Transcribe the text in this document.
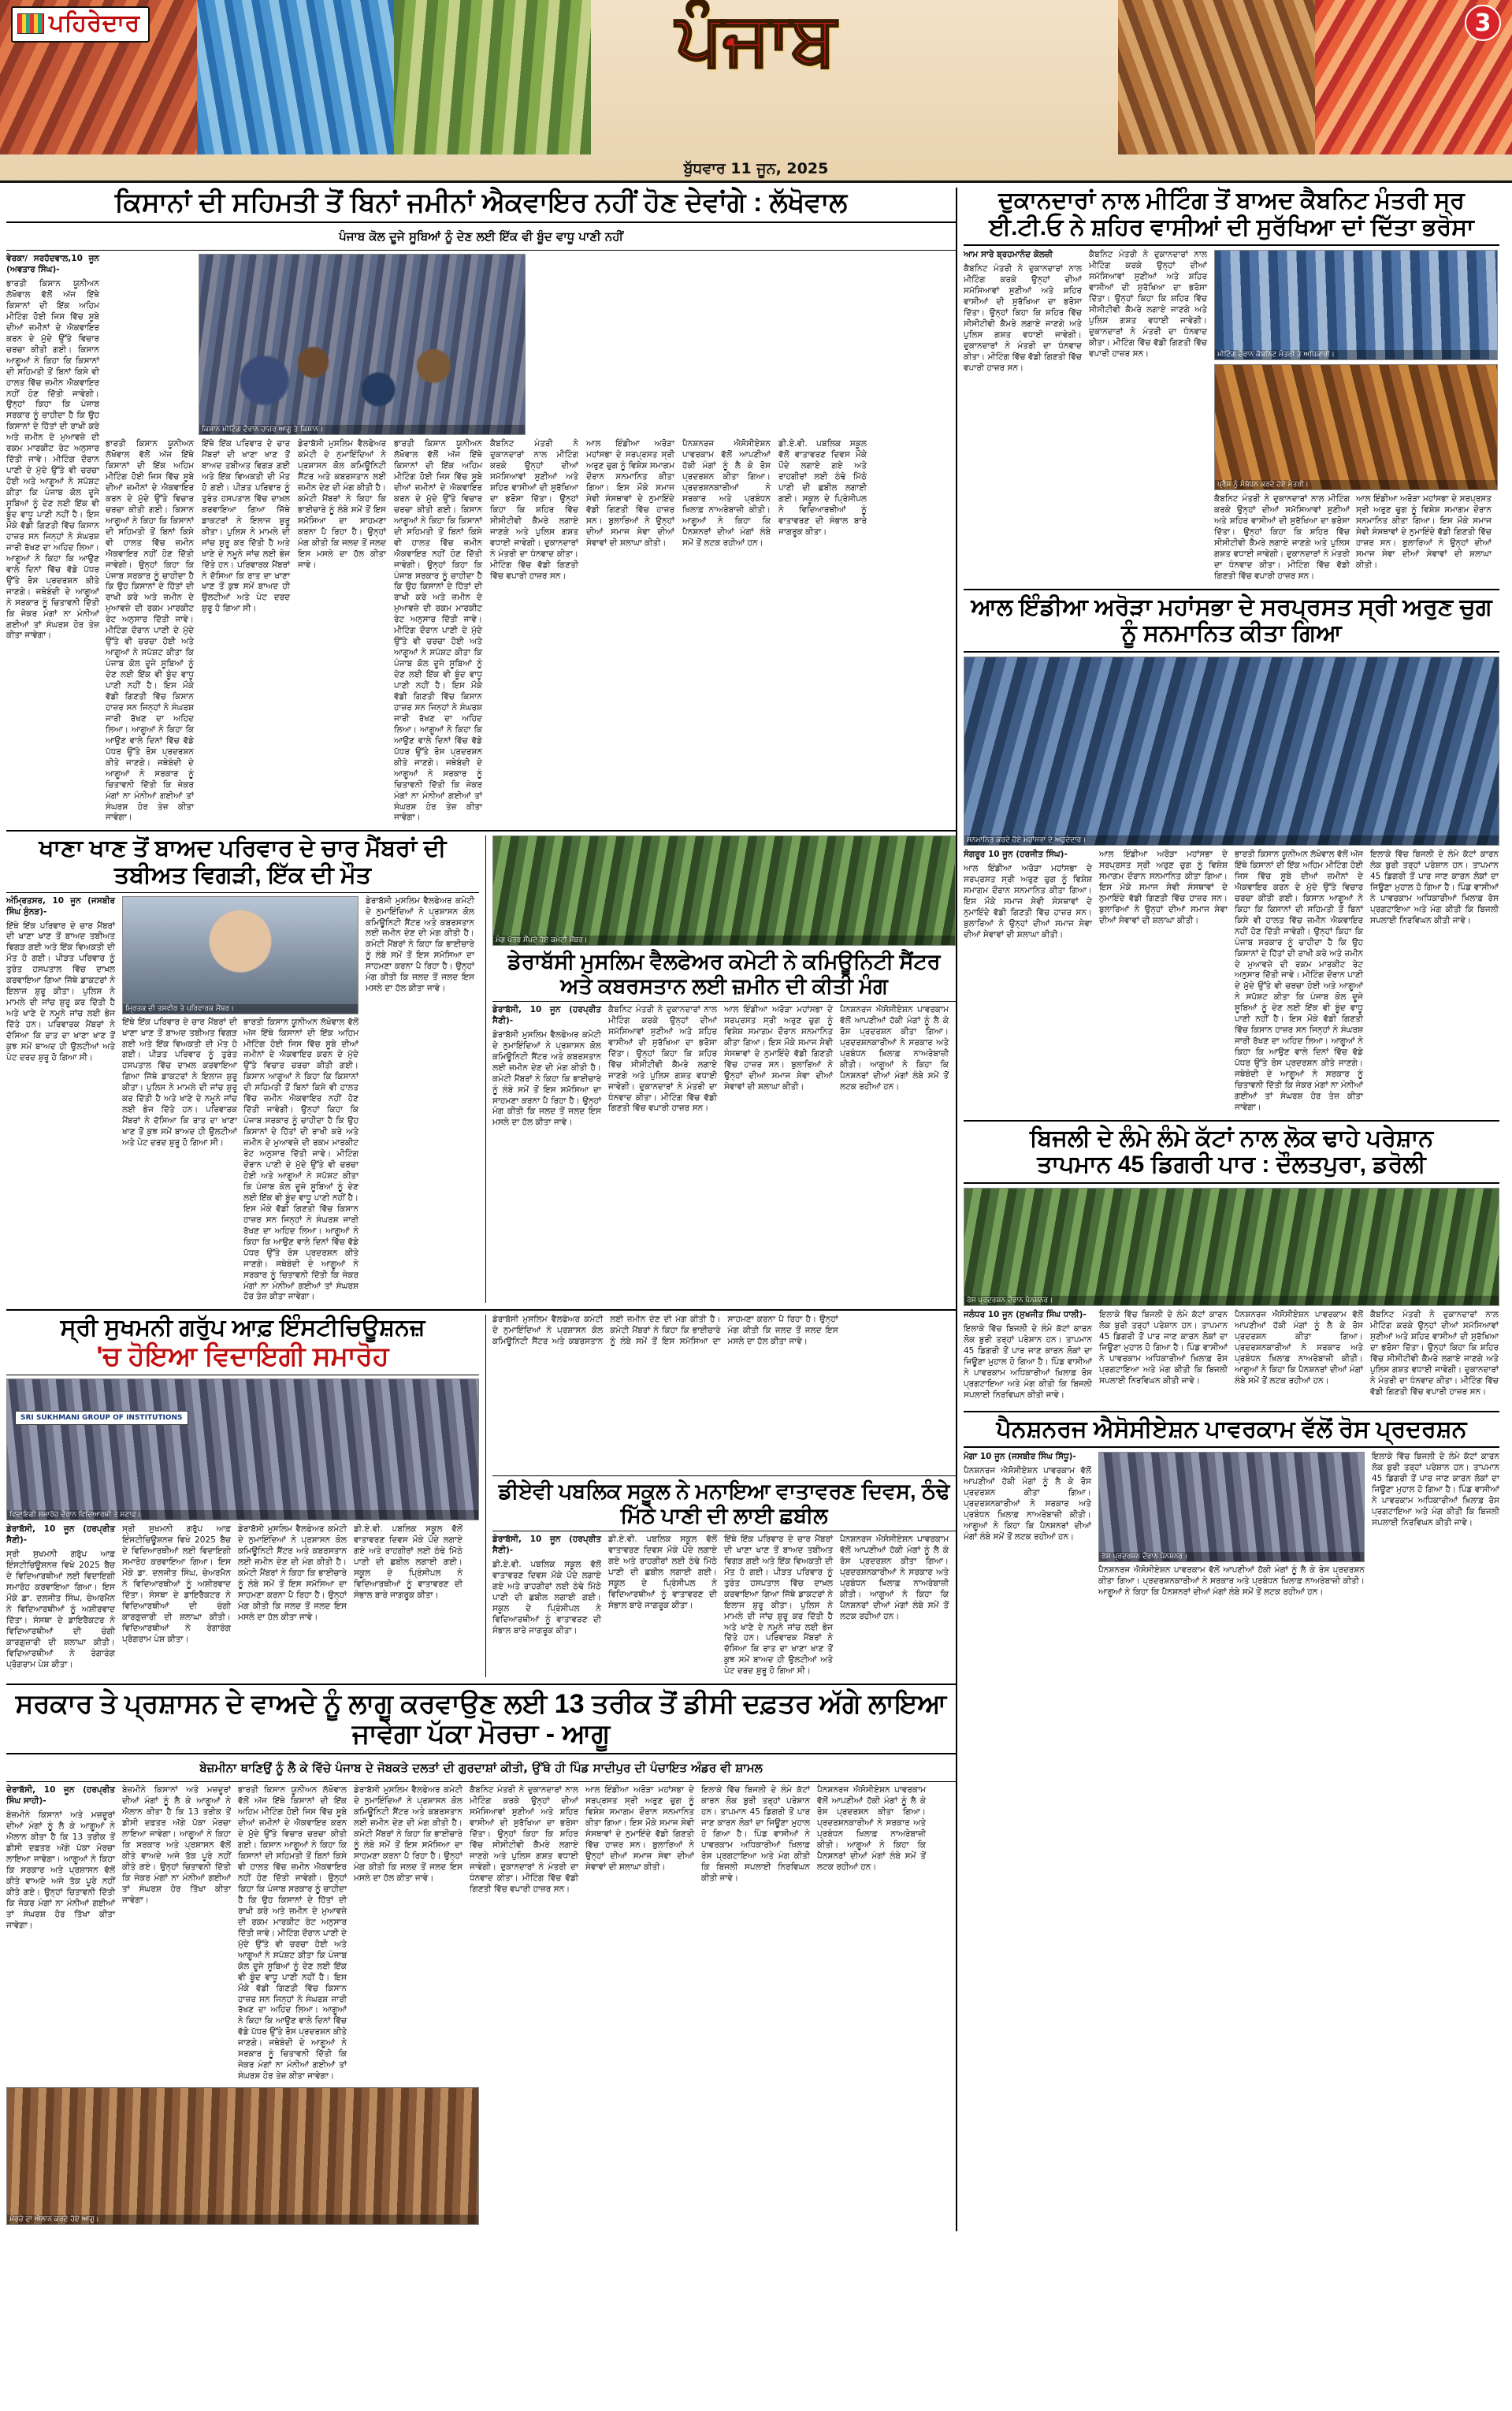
ਪਹਿਰੇਦਾਰ	ਪੰਜਾਬ
ਬੁੱਧਵਾਰ 11 ਜੂਨ, 2025
3
ਕਿਸਾਨਾਂ ਦੀ ਸਹਿਮਤੀ ਤੋਂ ਬਿਨਾਂ ਜਮੀਨਾਂ ਐਕਵਾਇਰ ਨਹੀਂ ਹੋਣ ਦੇਵਾਂਗੇ : ਲੱਖੋਵਾਲ
ਪੰਜਾਬ ਕੋਲ ਦੂਜੇ ਸੂਬਿਆਂ ਨੂੰ ਦੇਣ ਲਈ ਇੱਕ ਵੀ ਬੂੰਦ ਵਾਧੂ ਪਾਣੀ ਨਹੀਂ

ਵੇਰਕਾ/ ਸਰਹੱਦਵਾਲ,10 ਜੂਨ (ਅਵਤਾਰ ਸਿੰਘ)-

ਭਾਰਤੀ ਕਿਸਾਨ ਯੂਨੀਅਨ ਲੱਖੋਵਾਲ ਵੱਲੋਂ ਅੱਜ ਇੱਥੇ ਕਿਸਾਨਾਂ ਦੀ ਇੱਕ ਅਹਿਮ ਮੀਟਿੰਗ ਹੋਈ ਜਿਸ ਵਿੱਚ ਸੂਬੇ ਦੀਆਂ ਜ਼ਮੀਨਾਂ ਦੇ ਐਕਵਾਇਰ ਕਰਨ ਦੇ ਮੁੱਦੇ ਉੱਤੇ ਵਿਚਾਰ ਚਰਚਾ ਕੀਤੀ ਗਈ। ਕਿਸਾਨ ਆਗੂਆਂ ਨੇ ਕਿਹਾ ਕਿ ਕਿਸਾਨਾਂ ਦੀ ਸਹਿਮਤੀ ਤੋਂ ਬਿਨਾਂ ਕਿਸੇ ਵੀ ਹਾਲਤ ਵਿੱਚ ਜ਼ਮੀਨ ਐਕਵਾਇਰ ਨਹੀਂ ਹੋਣ ਦਿੱਤੀ ਜਾਵੇਗੀ। ਉਨ੍ਹਾਂ ਕਿਹਾ ਕਿ ਪੰਜਾਬ ਸਰਕਾਰ ਨੂੰ ਚਾਹੀਦਾ ਹੈ ਕਿ ਉਹ ਕਿਸਾਨਾਂ ਦੇ ਹਿੱਤਾਂ ਦੀ ਰਾਖੀ ਕਰੇ ਅਤੇ ਜ਼ਮੀਨ ਦੇ ਮੁਆਵਜ਼ੇ ਦੀ ਰਕਮ ਮਾਰਕੀਟ ਰੇਟ ਅਨੁਸਾਰ ਦਿੱਤੀ ਜਾਵੇ। ਮੀਟਿੰਗ ਦੌਰਾਨ ਪਾਣੀ ਦੇ ਮੁੱਦੇ ਉੱਤੇ ਵੀ ਚਰਚਾ ਹੋਈ ਅਤੇ ਆਗੂਆਂ ਨੇ ਸਪੱਸ਼ਟ ਕੀਤਾ ਕਿ ਪੰਜਾਬ ਕੋਲ ਦੂਜੇ ਸੂਬਿਆਂ ਨੂੰ ਦੇਣ ਲਈ ਇੱਕ ਵੀ ਬੂੰਦ ਵਾਧੂ ਪਾਣੀ ਨਹੀਂ ਹੈ। ਇਸ ਮੌਕੇ ਵੱਡੀ ਗਿਣਤੀ ਵਿੱਚ ਕਿਸਾਨ ਹਾਜ਼ਰ ਸਨ ਜਿਨ੍ਹਾਂ ਨੇ ਸੰਘਰਸ਼ ਜਾਰੀ ਰੱਖਣ ਦਾ ਅਹਿਦ ਲਿਆ। ਆਗੂਆਂ ਨੇ ਕਿਹਾ ਕਿ ਆਉਣ ਵਾਲੇ ਦਿਨਾਂ ਵਿੱਚ ਵੱਡੇ ਪੱਧਰ ਉੱਤੇ ਰੋਸ ਪ੍ਰਦਰਸ਼ਨ ਕੀਤੇ ਜਾਣਗੇ। ਜਥੇਬੰਦੀ ਦੇ ਆਗੂਆਂ ਨੇ ਸਰਕਾਰ ਨੂੰ ਚਿਤਾਵਨੀ ਦਿੱਤੀ ਕਿ ਜੇਕਰ ਮੰਗਾਂ ਨਾ ਮੰਨੀਆਂ ਗਈਆਂ ਤਾਂ ਸੰਘਰਸ਼ ਹੋਰ ਤੇਜ਼ ਕੀਤਾ ਜਾਵੇਗਾ।

ਕਿਸਾਨ ਮੀਟਿੰਗ ਦੌਰਾਨ ਹਾਜ਼ਰ ਆਗੂ ਤੇ ਕਿਸਾਨ।
ਭਾਰਤੀ ਕਿਸਾਨ ਯੂਨੀਅਨ ਲੱਖੋਵਾਲ ਵੱਲੋਂ ਅੱਜ ਇੱਥੇ ਕਿਸਾਨਾਂ ਦੀ ਇੱਕ ਅਹਿਮ ਮੀਟਿੰਗ ਹੋਈ ਜਿਸ ਵਿੱਚ ਸੂਬੇ ਦੀਆਂ ਜ਼ਮੀਨਾਂ ਦੇ ਐਕਵਾਇਰ ਕਰਨ ਦੇ ਮੁੱਦੇ ਉੱਤੇ ਵਿਚਾਰ ਚਰਚਾ ਕੀਤੀ ਗਈ। ਕਿਸਾਨ ਆਗੂਆਂ ਨੇ ਕਿਹਾ ਕਿ ਕਿਸਾਨਾਂ ਦੀ ਸਹਿਮਤੀ ਤੋਂ ਬਿਨਾਂ ਕਿਸੇ ਵੀ ਹਾਲਤ ਵਿੱਚ ਜ਼ਮੀਨ ਐਕਵਾਇਰ ਨਹੀਂ ਹੋਣ ਦਿੱਤੀ ਜਾਵੇਗੀ। ਉਨ੍ਹਾਂ ਕਿਹਾ ਕਿ ਪੰਜਾਬ ਸਰਕਾਰ ਨੂੰ ਚਾਹੀਦਾ ਹੈ ਕਿ ਉਹ ਕਿਸਾਨਾਂ ਦੇ ਹਿੱਤਾਂ ਦੀ ਰਾਖੀ ਕਰੇ ਅਤੇ ਜ਼ਮੀਨ ਦੇ ਮੁਆਵਜ਼ੇ ਦੀ ਰਕਮ ਮਾਰਕੀਟ ਰੇਟ ਅਨੁਸਾਰ ਦਿੱਤੀ ਜਾਵੇ। ਮੀਟਿੰਗ ਦੌਰਾਨ ਪਾਣੀ ਦੇ ਮੁੱਦੇ ਉੱਤੇ ਵੀ ਚਰਚਾ ਹੋਈ ਅਤੇ ਆਗੂਆਂ ਨੇ ਸਪੱਸ਼ਟ ਕੀਤਾ ਕਿ ਪੰਜਾਬ ਕੋਲ ਦੂਜੇ ਸੂਬਿਆਂ ਨੂੰ ਦੇਣ ਲਈ ਇੱਕ ਵੀ ਬੂੰਦ ਵਾਧੂ ਪਾਣੀ ਨਹੀਂ ਹੈ। ਇਸ ਮੌਕੇ ਵੱਡੀ ਗਿਣਤੀ ਵਿੱਚ ਕਿਸਾਨ ਹਾਜ਼ਰ ਸਨ ਜਿਨ੍ਹਾਂ ਨੇ ਸੰਘਰਸ਼ ਜਾਰੀ ਰੱਖਣ ਦਾ ਅਹਿਦ ਲਿਆ। ਆਗੂਆਂ ਨੇ ਕਿਹਾ ਕਿ ਆਉਣ ਵਾਲੇ ਦਿਨਾਂ ਵਿੱਚ ਵੱਡੇ ਪੱਧਰ ਉੱਤੇ ਰੋਸ ਪ੍ਰਦਰਸ਼ਨ ਕੀਤੇ ਜਾਣਗੇ। ਜਥੇਬੰਦੀ ਦੇ ਆਗੂਆਂ ਨੇ ਸਰਕਾਰ ਨੂੰ ਚਿਤਾਵਨੀ ਦਿੱਤੀ ਕਿ ਜੇਕਰ ਮੰਗਾਂ ਨਾ ਮੰਨੀਆਂ ਗਈਆਂ ਤਾਂ ਸੰਘਰਸ਼ ਹੋਰ ਤੇਜ਼ ਕੀਤਾ ਜਾਵੇਗਾ।
ਇੱਥੇ ਇੱਕ ਪਰਿਵਾਰ ਦੇ ਚਾਰ ਮੈਂਬਰਾਂ ਦੀ ਖਾਣਾ ਖਾਣ ਤੋਂ ਬਾਅਦ ਤਬੀਅਤ ਵਿਗੜ ਗਈ ਅਤੇ ਇੱਕ ਵਿਅਕਤੀ ਦੀ ਮੌਤ ਹੋ ਗਈ। ਪੀੜਤ ਪਰਿਵਾਰ ਨੂੰ ਤੁਰੰਤ ਹਸਪਤਾਲ ਵਿੱਚ ਦਾਖ਼ਲ ਕਰਵਾਇਆ ਗਿਆ ਜਿੱਥੇ ਡਾਕਟਰਾਂ ਨੇ ਇਲਾਜ ਸ਼ੁਰੂ ਕੀਤਾ। ਪੁਲਿਸ ਨੇ ਮਾਮਲੇ ਦੀ ਜਾਂਚ ਸ਼ੁਰੂ ਕਰ ਦਿੱਤੀ ਹੈ ਅਤੇ ਖਾਣੇ ਦੇ ਨਮੂਨੇ ਜਾਂਚ ਲਈ ਭੇਜ ਦਿੱਤੇ ਹਨ। ਪਰਿਵਾਰਕ ਮੈਂਬਰਾਂ ਨੇ ਦੱਸਿਆ ਕਿ ਰਾਤ ਦਾ ਖਾਣਾ ਖਾਣ ਤੋਂ ਕੁਝ ਸਮੇਂ ਬਾਅਦ ਹੀ ਉਲਟੀਆਂ ਅਤੇ ਪੇਟ ਦਰਦ ਸ਼ੁਰੂ ਹੋ ਗਿਆ ਸੀ।
ਡੇਰਾਬੱਸੀ ਮੁਸਲਿਮ ਵੈਲਫੇਅਰ ਕਮੇਟੀ ਦੇ ਨੁਮਾਇੰਦਿਆਂ ਨੇ ਪ੍ਰਸ਼ਾਸਨ ਕੋਲ ਕਮਿਊਨਿਟੀ ਸੈਂਟਰ ਅਤੇ ਕਬਰਸਤਾਨ ਲਈ ਜ਼ਮੀਨ ਦੇਣ ਦੀ ਮੰਗ ਕੀਤੀ ਹੈ। ਕਮੇਟੀ ਮੈਂਬਰਾਂ ਨੇ ਕਿਹਾ ਕਿ ਭਾਈਚਾਰੇ ਨੂੰ ਲੰਬੇ ਸਮੇਂ ਤੋਂ ਇਸ ਸਮੱਸਿਆ ਦਾ ਸਾਹਮਣਾ ਕਰਨਾ ਪੈ ਰਿਹਾ ਹੈ। ਉਨ੍ਹਾਂ ਮੰਗ ਕੀਤੀ ਕਿ ਜਲਦ ਤੋਂ ਜਲਦ ਇਸ ਮਸਲੇ ਦਾ ਹੱਲ ਕੀਤਾ ਜਾਵੇ।
ਭਾਰਤੀ ਕਿਸਾਨ ਯੂਨੀਅਨ ਲੱਖੋਵਾਲ ਵੱਲੋਂ ਅੱਜ ਇੱਥੇ ਕਿਸਾਨਾਂ ਦੀ ਇੱਕ ਅਹਿਮ ਮੀਟਿੰਗ ਹੋਈ ਜਿਸ ਵਿੱਚ ਸੂਬੇ ਦੀਆਂ ਜ਼ਮੀਨਾਂ ਦੇ ਐਕਵਾਇਰ ਕਰਨ ਦੇ ਮੁੱਦੇ ਉੱਤੇ ਵਿਚਾਰ ਚਰਚਾ ਕੀਤੀ ਗਈ। ਕਿਸਾਨ ਆਗੂਆਂ ਨੇ ਕਿਹਾ ਕਿ ਕਿਸਾਨਾਂ ਦੀ ਸਹਿਮਤੀ ਤੋਂ ਬਿਨਾਂ ਕਿਸੇ ਵੀ ਹਾਲਤ ਵਿੱਚ ਜ਼ਮੀਨ ਐਕਵਾਇਰ ਨਹੀਂ ਹੋਣ ਦਿੱਤੀ ਜਾਵੇਗੀ। ਉਨ੍ਹਾਂ ਕਿਹਾ ਕਿ ਪੰਜਾਬ ਸਰਕਾਰ ਨੂੰ ਚਾਹੀਦਾ ਹੈ ਕਿ ਉਹ ਕਿਸਾਨਾਂ ਦੇ ਹਿੱਤਾਂ ਦੀ ਰਾਖੀ ਕਰੇ ਅਤੇ ਜ਼ਮੀਨ ਦੇ ਮੁਆਵਜ਼ੇ ਦੀ ਰਕਮ ਮਾਰਕੀਟ ਰੇਟ ਅਨੁਸਾਰ ਦਿੱਤੀ ਜਾਵੇ। ਮੀਟਿੰਗ ਦੌਰਾਨ ਪਾਣੀ ਦੇ ਮੁੱਦੇ ਉੱਤੇ ਵੀ ਚਰਚਾ ਹੋਈ ਅਤੇ ਆਗੂਆਂ ਨੇ ਸਪੱਸ਼ਟ ਕੀਤਾ ਕਿ ਪੰਜਾਬ ਕੋਲ ਦੂਜੇ ਸੂਬਿਆਂ ਨੂੰ ਦੇਣ ਲਈ ਇੱਕ ਵੀ ਬੂੰਦ ਵਾਧੂ ਪਾਣੀ ਨਹੀਂ ਹੈ। ਇਸ ਮੌਕੇ ਵੱਡੀ ਗਿਣਤੀ ਵਿੱਚ ਕਿਸਾਨ ਹਾਜ਼ਰ ਸਨ ਜਿਨ੍ਹਾਂ ਨੇ ਸੰਘਰਸ਼ ਜਾਰੀ ਰੱਖਣ ਦਾ ਅਹਿਦ ਲਿਆ। ਆਗੂਆਂ ਨੇ ਕਿਹਾ ਕਿ ਆਉਣ ਵਾਲੇ ਦਿਨਾਂ ਵਿੱਚ ਵੱਡੇ ਪੱਧਰ ਉੱਤੇ ਰੋਸ ਪ੍ਰਦਰਸ਼ਨ ਕੀਤੇ ਜਾਣਗੇ। ਜਥੇਬੰਦੀ ਦੇ ਆਗੂਆਂ ਨੇ ਸਰਕਾਰ ਨੂੰ ਚਿਤਾਵਨੀ ਦਿੱਤੀ ਕਿ ਜੇਕਰ ਮੰਗਾਂ ਨਾ ਮੰਨੀਆਂ ਗਈਆਂ ਤਾਂ ਸੰਘਰਸ਼ ਹੋਰ ਤੇਜ਼ ਕੀਤਾ ਜਾਵੇਗਾ।
ਕੈਬਨਿਟ ਮੰਤਰੀ ਨੇ ਦੁਕਾਨਦਾਰਾਂ ਨਾਲ ਮੀਟਿੰਗ ਕਰਕੇ ਉਨ੍ਹਾਂ ਦੀਆਂ ਸਮੱਸਿਆਵਾਂ ਸੁਣੀਆਂ ਅਤੇ ਸ਼ਹਿਰ ਵਾਸੀਆਂ ਦੀ ਸੁਰੱਖਿਆ ਦਾ ਭਰੋਸਾ ਦਿੱਤਾ। ਉਨ੍ਹਾਂ ਕਿਹਾ ਕਿ ਸ਼ਹਿਰ ਵਿੱਚ ਸੀਸੀਟੀਵੀ ਕੈਮਰੇ ਲਗਾਏ ਜਾਣਗੇ ਅਤੇ ਪੁਲਿਸ ਗਸ਼ਤ ਵਧਾਈ ਜਾਵੇਗੀ। ਦੁਕਾਨਦਾਰਾਂ ਨੇ ਮੰਤਰੀ ਦਾ ਧੰਨਵਾਦ ਕੀਤਾ। ਮੀਟਿੰਗ ਵਿੱਚ ਵੱਡੀ ਗਿਣਤੀ ਵਿੱਚ ਵਪਾਰੀ ਹਾਜ਼ਰ ਸਨ।
ਆਲ ਇੰਡੀਆ ਅਰੋੜਾ ਮਹਾਂਸਭਾ ਦੇ ਸਰਪ੍ਰਸਤ ਸ੍ਰੀ ਅਰੁਣ ਚੁਗ ਨੂੰ ਵਿਸ਼ੇਸ਼ ਸਮਾਗਮ ਦੌਰਾਨ ਸਨਮਾਨਿਤ ਕੀਤਾ ਗਿਆ। ਇਸ ਮੌਕੇ ਸਮਾਜ ਸੇਵੀ ਸੰਸਥਾਵਾਂ ਦੇ ਨੁਮਾਇੰਦੇ ਵੱਡੀ ਗਿਣਤੀ ਵਿੱਚ ਹਾਜ਼ਰ ਸਨ। ਬੁਲਾਰਿਆਂ ਨੇ ਉਨ੍ਹਾਂ ਦੀਆਂ ਸਮਾਜ ਸੇਵਾ ਦੀਆਂ ਸੇਵਾਵਾਂ ਦੀ ਸ਼ਲਾਘਾ ਕੀਤੀ।
ਪੈਨਸ਼ਨਰਜ ਐਸੋਸੀਏਸ਼ਨ ਪਾਵਰਕਾਮ ਵੱਲੋਂ ਆਪਣੀਆਂ ਹੱਕੀ ਮੰਗਾਂ ਨੂੰ ਲੈ ਕੇ ਰੋਸ ਪ੍ਰਦਰਸ਼ਨ ਕੀਤਾ ਗਿਆ। ਪ੍ਰਦਰਸ਼ਨਕਾਰੀਆਂ ਨੇ ਸਰਕਾਰ ਅਤੇ ਪ੍ਰਬੰਧਨ ਖ਼ਿਲਾਫ਼ ਨਾਅਰੇਬਾਜ਼ੀ ਕੀਤੀ। ਆਗੂਆਂ ਨੇ ਕਿਹਾ ਕਿ ਪੈਨਸ਼ਨਰਾਂ ਦੀਆਂ ਮੰਗਾਂ ਲੰਬੇ ਸਮੇਂ ਤੋਂ ਲਟਕ ਰਹੀਆਂ ਹਨ।
ਡੀ.ਏ.ਵੀ. ਪਬਲਿਕ ਸਕੂਲ ਵੱਲੋਂ ਵਾਤਾਵਰਣ ਦਿਵਸ ਮੌਕੇ ਪੌਦੇ ਲਗਾਏ ਗਏ ਅਤੇ ਰਾਹਗੀਰਾਂ ਲਈ ਠੰਢੇ ਮਿੱਠੇ ਪਾਣੀ ਦੀ ਛਬੀਲ ਲਗਾਈ ਗਈ। ਸਕੂਲ ਦੇ ਪ੍ਰਿੰਸੀਪਲ ਨੇ ਵਿਦਿਆਰਥੀਆਂ ਨੂੰ ਵਾਤਾਵਰਣ ਦੀ ਸੰਭਾਲ ਬਾਰੇ ਜਾਗਰੂਕ ਕੀਤਾ।
ਖਾਣਾ ਖਾਣ ਤੋਂ ਬਾਅਦ ਪਰਿਵਾਰ ਦੇ ਚਾਰ ਮੈਂਬਰਾਂ ਦੀ ਤਬੀਅਤ ਵਿਗੜੀ, ਇੱਕ ਦੀ ਮੌਤ

ਅੰਮ੍ਰਿਤਸਰ, 10 ਜੂਨ (ਜਸਬੀਰ ਸਿੰਘ ਸੁੰਨੜ)-

ਇੱਥੇ ਇੱਕ ਪਰਿਵਾਰ ਦੇ ਚਾਰ ਮੈਂਬਰਾਂ ਦੀ ਖਾਣਾ ਖਾਣ ਤੋਂ ਬਾਅਦ ਤਬੀਅਤ ਵਿਗੜ ਗਈ ਅਤੇ ਇੱਕ ਵਿਅਕਤੀ ਦੀ ਮੌਤ ਹੋ ਗਈ। ਪੀੜਤ ਪਰਿਵਾਰ ਨੂੰ ਤੁਰੰਤ ਹਸਪਤਾਲ ਵਿੱਚ ਦਾਖ਼ਲ ਕਰਵਾਇਆ ਗਿਆ ਜਿੱਥੇ ਡਾਕਟਰਾਂ ਨੇ ਇਲਾਜ ਸ਼ੁਰੂ ਕੀਤਾ। ਪੁਲਿਸ ਨੇ ਮਾਮਲੇ ਦੀ ਜਾਂਚ ਸ਼ੁਰੂ ਕਰ ਦਿੱਤੀ ਹੈ ਅਤੇ ਖਾਣੇ ਦੇ ਨਮੂਨੇ ਜਾਂਚ ਲਈ ਭੇਜ ਦਿੱਤੇ ਹਨ। ਪਰਿਵਾਰਕ ਮੈਂਬਰਾਂ ਨੇ ਦੱਸਿਆ ਕਿ ਰਾਤ ਦਾ ਖਾਣਾ ਖਾਣ ਤੋਂ ਕੁਝ ਸਮੇਂ ਬਾਅਦ ਹੀ ਉਲਟੀਆਂ ਅਤੇ ਪੇਟ ਦਰਦ ਸ਼ੁਰੂ ਹੋ ਗਿਆ ਸੀ।

ਮ੍ਰਿਤਕ ਦੀ ਤਸਵੀਰ ਤੇ ਪਰਿਵਾਰਕ ਮੈਂਬਰ।
ਇੱਥੇ ਇੱਕ ਪਰਿਵਾਰ ਦੇ ਚਾਰ ਮੈਂਬਰਾਂ ਦੀ ਖਾਣਾ ਖਾਣ ਤੋਂ ਬਾਅਦ ਤਬੀਅਤ ਵਿਗੜ ਗਈ ਅਤੇ ਇੱਕ ਵਿਅਕਤੀ ਦੀ ਮੌਤ ਹੋ ਗਈ। ਪੀੜਤ ਪਰਿਵਾਰ ਨੂੰ ਤੁਰੰਤ ਹਸਪਤਾਲ ਵਿੱਚ ਦਾਖ਼ਲ ਕਰਵਾਇਆ ਗਿਆ ਜਿੱਥੇ ਡਾਕਟਰਾਂ ਨੇ ਇਲਾਜ ਸ਼ੁਰੂ ਕੀਤਾ। ਪੁਲਿਸ ਨੇ ਮਾਮਲੇ ਦੀ ਜਾਂਚ ਸ਼ੁਰੂ ਕਰ ਦਿੱਤੀ ਹੈ ਅਤੇ ਖਾਣੇ ਦੇ ਨਮੂਨੇ ਜਾਂਚ ਲਈ ਭੇਜ ਦਿੱਤੇ ਹਨ। ਪਰਿਵਾਰਕ ਮੈਂਬਰਾਂ ਨੇ ਦੱਸਿਆ ਕਿ ਰਾਤ ਦਾ ਖਾਣਾ ਖਾਣ ਤੋਂ ਕੁਝ ਸਮੇਂ ਬਾਅਦ ਹੀ ਉਲਟੀਆਂ ਅਤੇ ਪੇਟ ਦਰਦ ਸ਼ੁਰੂ ਹੋ ਗਿਆ ਸੀ।
ਭਾਰਤੀ ਕਿਸਾਨ ਯੂਨੀਅਨ ਲੱਖੋਵਾਲ ਵੱਲੋਂ ਅੱਜ ਇੱਥੇ ਕਿਸਾਨਾਂ ਦੀ ਇੱਕ ਅਹਿਮ ਮੀਟਿੰਗ ਹੋਈ ਜਿਸ ਵਿੱਚ ਸੂਬੇ ਦੀਆਂ ਜ਼ਮੀਨਾਂ ਦੇ ਐਕਵਾਇਰ ਕਰਨ ਦੇ ਮੁੱਦੇ ਉੱਤੇ ਵਿਚਾਰ ਚਰਚਾ ਕੀਤੀ ਗਈ। ਕਿਸਾਨ ਆਗੂਆਂ ਨੇ ਕਿਹਾ ਕਿ ਕਿਸਾਨਾਂ ਦੀ ਸਹਿਮਤੀ ਤੋਂ ਬਿਨਾਂ ਕਿਸੇ ਵੀ ਹਾਲਤ ਵਿੱਚ ਜ਼ਮੀਨ ਐਕਵਾਇਰ ਨਹੀਂ ਹੋਣ ਦਿੱਤੀ ਜਾਵੇਗੀ। ਉਨ੍ਹਾਂ ਕਿਹਾ ਕਿ ਪੰਜਾਬ ਸਰਕਾਰ ਨੂੰ ਚਾਹੀਦਾ ਹੈ ਕਿ ਉਹ ਕਿਸਾਨਾਂ ਦੇ ਹਿੱਤਾਂ ਦੀ ਰਾਖੀ ਕਰੇ ਅਤੇ ਜ਼ਮੀਨ ਦੇ ਮੁਆਵਜ਼ੇ ਦੀ ਰਕਮ ਮਾਰਕੀਟ ਰੇਟ ਅਨੁਸਾਰ ਦਿੱਤੀ ਜਾਵੇ। ਮੀਟਿੰਗ ਦੌਰਾਨ ਪਾਣੀ ਦੇ ਮੁੱਦੇ ਉੱਤੇ ਵੀ ਚਰਚਾ ਹੋਈ ਅਤੇ ਆਗੂਆਂ ਨੇ ਸਪੱਸ਼ਟ ਕੀਤਾ ਕਿ ਪੰਜਾਬ ਕੋਲ ਦੂਜੇ ਸੂਬਿਆਂ ਨੂੰ ਦੇਣ ਲਈ ਇੱਕ ਵੀ ਬੂੰਦ ਵਾਧੂ ਪਾਣੀ ਨਹੀਂ ਹੈ। ਇਸ ਮੌਕੇ ਵੱਡੀ ਗਿਣਤੀ ਵਿੱਚ ਕਿਸਾਨ ਹਾਜ਼ਰ ਸਨ ਜਿਨ੍ਹਾਂ ਨੇ ਸੰਘਰਸ਼ ਜਾਰੀ ਰੱਖਣ ਦਾ ਅਹਿਦ ਲਿਆ। ਆਗੂਆਂ ਨੇ ਕਿਹਾ ਕਿ ਆਉਣ ਵਾਲੇ ਦਿਨਾਂ ਵਿੱਚ ਵੱਡੇ ਪੱਧਰ ਉੱਤੇ ਰੋਸ ਪ੍ਰਦਰਸ਼ਨ ਕੀਤੇ ਜਾਣਗੇ। ਜਥੇਬੰਦੀ ਦੇ ਆਗੂਆਂ ਨੇ ਸਰਕਾਰ ਨੂੰ ਚਿਤਾਵਨੀ ਦਿੱਤੀ ਕਿ ਜੇਕਰ ਮੰਗਾਂ ਨਾ ਮੰਨੀਆਂ ਗਈਆਂ ਤਾਂ ਸੰਘਰਸ਼ ਹੋਰ ਤੇਜ਼ ਕੀਤਾ ਜਾਵੇਗਾ।
ਡੇਰਾਬੱਸੀ ਮੁਸਲਿਮ ਵੈਲਫੇਅਰ ਕਮੇਟੀ ਦੇ ਨੁਮਾਇੰਦਿਆਂ ਨੇ ਪ੍ਰਸ਼ਾਸਨ ਕੋਲ ਕਮਿਊਨਿਟੀ ਸੈਂਟਰ ਅਤੇ ਕਬਰਸਤਾਨ ਲਈ ਜ਼ਮੀਨ ਦੇਣ ਦੀ ਮੰਗ ਕੀਤੀ ਹੈ। ਕਮੇਟੀ ਮੈਂਬਰਾਂ ਨੇ ਕਿਹਾ ਕਿ ਭਾਈਚਾਰੇ ਨੂੰ ਲੰਬੇ ਸਮੇਂ ਤੋਂ ਇਸ ਸਮੱਸਿਆ ਦਾ ਸਾਹਮਣਾ ਕਰਨਾ ਪੈ ਰਿਹਾ ਹੈ। ਉਨ੍ਹਾਂ ਮੰਗ ਕੀਤੀ ਕਿ ਜਲਦ ਤੋਂ ਜਲਦ ਇਸ ਮਸਲੇ ਦਾ ਹੱਲ ਕੀਤਾ ਜਾਵੇ।
ਮੰਗ ਪੱਤਰ ਸੌਂਪਦੇ ਹੋਏ ਕਮੇਟੀ ਮੈਂਬਰ।
ਡੇਰਾਬੱਸੀ ਮੁਸਲਿਮ ਵੈਲਫੇਅਰ ਕਮੇਟੀ ਨੇ ਕਮਿਊਨਿਟੀ ਸੈਂਟਰ ਅਤੇ ਕਬਰਸਤਾਨ ਲਈ ਜ਼ਮੀਨ ਦੀ ਕੀਤੀ ਮੰਗ

ਡੇਰਾਬੱਸੀ, 10 ਜੂਨ (ਹਰਪ੍ਰੀਤ ਸੈਣੀ)-

ਡੇਰਾਬੱਸੀ ਮੁਸਲਿਮ ਵੈਲਫੇਅਰ ਕਮੇਟੀ ਦੇ ਨੁਮਾਇੰਦਿਆਂ ਨੇ ਪ੍ਰਸ਼ਾਸਨ ਕੋਲ ਕਮਿਊਨਿਟੀ ਸੈਂਟਰ ਅਤੇ ਕਬਰਸਤਾਨ ਲਈ ਜ਼ਮੀਨ ਦੇਣ ਦੀ ਮੰਗ ਕੀਤੀ ਹੈ। ਕਮੇਟੀ ਮੈਂਬਰਾਂ ਨੇ ਕਿਹਾ ਕਿ ਭਾਈਚਾਰੇ ਨੂੰ ਲੰਬੇ ਸਮੇਂ ਤੋਂ ਇਸ ਸਮੱਸਿਆ ਦਾ ਸਾਹਮਣਾ ਕਰਨਾ ਪੈ ਰਿਹਾ ਹੈ। ਉਨ੍ਹਾਂ ਮੰਗ ਕੀਤੀ ਕਿ ਜਲਦ ਤੋਂ ਜਲਦ ਇਸ ਮਸਲੇ ਦਾ ਹੱਲ ਕੀਤਾ ਜਾਵੇ।

ਕੈਬਨਿਟ ਮੰਤਰੀ ਨੇ ਦੁਕਾਨਦਾਰਾਂ ਨਾਲ ਮੀਟਿੰਗ ਕਰਕੇ ਉਨ੍ਹਾਂ ਦੀਆਂ ਸਮੱਸਿਆਵਾਂ ਸੁਣੀਆਂ ਅਤੇ ਸ਼ਹਿਰ ਵਾਸੀਆਂ ਦੀ ਸੁਰੱਖਿਆ ਦਾ ਭਰੋਸਾ ਦਿੱਤਾ। ਉਨ੍ਹਾਂ ਕਿਹਾ ਕਿ ਸ਼ਹਿਰ ਵਿੱਚ ਸੀਸੀਟੀਵੀ ਕੈਮਰੇ ਲਗਾਏ ਜਾਣਗੇ ਅਤੇ ਪੁਲਿਸ ਗਸ਼ਤ ਵਧਾਈ ਜਾਵੇਗੀ। ਦੁਕਾਨਦਾਰਾਂ ਨੇ ਮੰਤਰੀ ਦਾ ਧੰਨਵਾਦ ਕੀਤਾ। ਮੀਟਿੰਗ ਵਿੱਚ ਵੱਡੀ ਗਿਣਤੀ ਵਿੱਚ ਵਪਾਰੀ ਹਾਜ਼ਰ ਸਨ।
ਆਲ ਇੰਡੀਆ ਅਰੋੜਾ ਮਹਾਂਸਭਾ ਦੇ ਸਰਪ੍ਰਸਤ ਸ੍ਰੀ ਅਰੁਣ ਚੁਗ ਨੂੰ ਵਿਸ਼ੇਸ਼ ਸਮਾਗਮ ਦੌਰਾਨ ਸਨਮਾਨਿਤ ਕੀਤਾ ਗਿਆ। ਇਸ ਮੌਕੇ ਸਮਾਜ ਸੇਵੀ ਸੰਸਥਾਵਾਂ ਦੇ ਨੁਮਾਇੰਦੇ ਵੱਡੀ ਗਿਣਤੀ ਵਿੱਚ ਹਾਜ਼ਰ ਸਨ। ਬੁਲਾਰਿਆਂ ਨੇ ਉਨ੍ਹਾਂ ਦੀਆਂ ਸਮਾਜ ਸੇਵਾ ਦੀਆਂ ਸੇਵਾਵਾਂ ਦੀ ਸ਼ਲਾਘਾ ਕੀਤੀ।
ਪੈਨਸ਼ਨਰਜ ਐਸੋਸੀਏਸ਼ਨ ਪਾਵਰਕਾਮ ਵੱਲੋਂ ਆਪਣੀਆਂ ਹੱਕੀ ਮੰਗਾਂ ਨੂੰ ਲੈ ਕੇ ਰੋਸ ਪ੍ਰਦਰਸ਼ਨ ਕੀਤਾ ਗਿਆ। ਪ੍ਰਦਰਸ਼ਨਕਾਰੀਆਂ ਨੇ ਸਰਕਾਰ ਅਤੇ ਪ੍ਰਬੰਧਨ ਖ਼ਿਲਾਫ਼ ਨਾਅਰੇਬਾਜ਼ੀ ਕੀਤੀ। ਆਗੂਆਂ ਨੇ ਕਿਹਾ ਕਿ ਪੈਨਸ਼ਨਰਾਂ ਦੀਆਂ ਮੰਗਾਂ ਲੰਬੇ ਸਮੇਂ ਤੋਂ ਲਟਕ ਰਹੀਆਂ ਹਨ।
ਸ੍ਰੀ ਸੁਖਮਨੀ ਗਰੁੱਪ ਆਫ਼ ਇੰਸਟੀਚਿਊਸ਼ਨਜ਼
'ਚ ਹੋਇਆ ਵਿਦਾਇਗੀ ਸਮਾਰੋਹ
SRI SUKHMANI GROUP OF INSTITUTIONS
ਵਿਦਾਇਗੀ ਸਮਾਰੋਹ ਦੌਰਾਨ ਵਿਦਿਆਰਥੀ ਤੇ ਸਟਾਫ਼।

ਡੇਰਾਬੱਸੀ, 10 ਜੂਨ (ਹਰਪ੍ਰੀਤ ਸੈਣੀ)-

ਸ੍ਰੀ ਸੁਖਮਨੀ ਗਰੁੱਪ ਆਫ਼ ਇੰਸਟੀਚਿਊਸ਼ਨਜ਼ ਵਿਖੇ 2025 ਬੈਚ ਦੇ ਵਿਦਿਆਰਥੀਆਂ ਲਈ ਵਿਦਾਇਗੀ ਸਮਾਰੋਹ ਕਰਵਾਇਆ ਗਿਆ। ਇਸ ਮੌਕੇ ਡਾ. ਦਲਜੀਤ ਸਿੰਘ, ਚੇਅਰਮੈਨ ਨੇ ਵਿਦਿਆਰਥੀਆਂ ਨੂੰ ਅਸ਼ੀਰਵਾਦ ਦਿੱਤਾ। ਸੰਸਥਾ ਦੇ ਡਾਇਰੈਕਟਰ ਨੇ ਵਿਦਿਆਰਥੀਆਂ ਦੀ ਚੰਗੀ ਕਾਰਗੁਜ਼ਾਰੀ ਦੀ ਸ਼ਲਾਘਾ ਕੀਤੀ। ਵਿਦਿਆਰਥੀਆਂ ਨੇ ਰੰਗਾਰੰਗ ਪ੍ਰੋਗਰਾਮ ਪੇਸ਼ ਕੀਤਾ।

ਸ੍ਰੀ ਸੁਖਮਨੀ ਗਰੁੱਪ ਆਫ਼ ਇੰਸਟੀਚਿਊਸ਼ਨਜ਼ ਵਿਖੇ 2025 ਬੈਚ ਦੇ ਵਿਦਿਆਰਥੀਆਂ ਲਈ ਵਿਦਾਇਗੀ ਸਮਾਰੋਹ ਕਰਵਾਇਆ ਗਿਆ। ਇਸ ਮੌਕੇ ਡਾ. ਦਲਜੀਤ ਸਿੰਘ, ਚੇਅਰਮੈਨ ਨੇ ਵਿਦਿਆਰਥੀਆਂ ਨੂੰ ਅਸ਼ੀਰਵਾਦ ਦਿੱਤਾ। ਸੰਸਥਾ ਦੇ ਡਾਇਰੈਕਟਰ ਨੇ ਵਿਦਿਆਰਥੀਆਂ ਦੀ ਚੰਗੀ ਕਾਰਗੁਜ਼ਾਰੀ ਦੀ ਸ਼ਲਾਘਾ ਕੀਤੀ। ਵਿਦਿਆਰਥੀਆਂ ਨੇ ਰੰਗਾਰੰਗ ਪ੍ਰੋਗਰਾਮ ਪੇਸ਼ ਕੀਤਾ।
ਡੇਰਾਬੱਸੀ ਮੁਸਲਿਮ ਵੈਲਫੇਅਰ ਕਮੇਟੀ ਦੇ ਨੁਮਾਇੰਦਿਆਂ ਨੇ ਪ੍ਰਸ਼ਾਸਨ ਕੋਲ ਕਮਿਊਨਿਟੀ ਸੈਂਟਰ ਅਤੇ ਕਬਰਸਤਾਨ ਲਈ ਜ਼ਮੀਨ ਦੇਣ ਦੀ ਮੰਗ ਕੀਤੀ ਹੈ। ਕਮੇਟੀ ਮੈਂਬਰਾਂ ਨੇ ਕਿਹਾ ਕਿ ਭਾਈਚਾਰੇ ਨੂੰ ਲੰਬੇ ਸਮੇਂ ਤੋਂ ਇਸ ਸਮੱਸਿਆ ਦਾ ਸਾਹਮਣਾ ਕਰਨਾ ਪੈ ਰਿਹਾ ਹੈ। ਉਨ੍ਹਾਂ ਮੰਗ ਕੀਤੀ ਕਿ ਜਲਦ ਤੋਂ ਜਲਦ ਇਸ ਮਸਲੇ ਦਾ ਹੱਲ ਕੀਤਾ ਜਾਵੇ।
ਡੀ.ਏ.ਵੀ. ਪਬਲਿਕ ਸਕੂਲ ਵੱਲੋਂ ਵਾਤਾਵਰਣ ਦਿਵਸ ਮੌਕੇ ਪੌਦੇ ਲਗਾਏ ਗਏ ਅਤੇ ਰਾਹਗੀਰਾਂ ਲਈ ਠੰਢੇ ਮਿੱਠੇ ਪਾਣੀ ਦੀ ਛਬੀਲ ਲਗਾਈ ਗਈ। ਸਕੂਲ ਦੇ ਪ੍ਰਿੰਸੀਪਲ ਨੇ ਵਿਦਿਆਰਥੀਆਂ ਨੂੰ ਵਾਤਾਵਰਣ ਦੀ ਸੰਭਾਲ ਬਾਰੇ ਜਾਗਰੂਕ ਕੀਤਾ।
ਡੇਰਾਬੱਸੀ ਮੁਸਲਿਮ ਵੈਲਫੇਅਰ ਕਮੇਟੀ ਦੇ ਨੁਮਾਇੰਦਿਆਂ ਨੇ ਪ੍ਰਸ਼ਾਸਨ ਕੋਲ ਕਮਿਊਨਿਟੀ ਸੈਂਟਰ ਅਤੇ ਕਬਰਸਤਾਨ ਲਈ ਜ਼ਮੀਨ ਦੇਣ ਦੀ ਮੰਗ ਕੀਤੀ ਹੈ। ਕਮੇਟੀ ਮੈਂਬਰਾਂ ਨੇ ਕਿਹਾ ਕਿ ਭਾਈਚਾਰੇ ਨੂੰ ਲੰਬੇ ਸਮੇਂ ਤੋਂ ਇਸ ਸਮੱਸਿਆ ਦਾ ਸਾਹਮਣਾ ਕਰਨਾ ਪੈ ਰਿਹਾ ਹੈ। ਉਨ੍ਹਾਂ ਮੰਗ ਕੀਤੀ ਕਿ ਜਲਦ ਤੋਂ ਜਲਦ ਇਸ ਮਸਲੇ ਦਾ ਹੱਲ ਕੀਤਾ ਜਾਵੇ।
ਡੀਏਵੀ ਪਬਲਿਕ ਸਕੂਲ ਨੇ ਮਨਾਇਆ ਵਾਤਾਵਰਣ ਦਿਵਸ, ਠੰਢੇ ਮਿੱਠੇ ਪਾਣੀ ਦੀ ਲਾਈ ਛਬੀਲ

ਡੇਰਾਬੱਸੀ, 10 ਜੂਨ (ਹਰਪ੍ਰੀਤ ਸੈਣੀ)-

ਡੀ.ਏ.ਵੀ. ਪਬਲਿਕ ਸਕੂਲ ਵੱਲੋਂ ਵਾਤਾਵਰਣ ਦਿਵਸ ਮੌਕੇ ਪੌਦੇ ਲਗਾਏ ਗਏ ਅਤੇ ਰਾਹਗੀਰਾਂ ਲਈ ਠੰਢੇ ਮਿੱਠੇ ਪਾਣੀ ਦੀ ਛਬੀਲ ਲਗਾਈ ਗਈ। ਸਕੂਲ ਦੇ ਪ੍ਰਿੰਸੀਪਲ ਨੇ ਵਿਦਿਆਰਥੀਆਂ ਨੂੰ ਵਾਤਾਵਰਣ ਦੀ ਸੰਭਾਲ ਬਾਰੇ ਜਾਗਰੂਕ ਕੀਤਾ।

ਡੀ.ਏ.ਵੀ. ਪਬਲਿਕ ਸਕੂਲ ਵੱਲੋਂ ਵਾਤਾਵਰਣ ਦਿਵਸ ਮੌਕੇ ਪੌਦੇ ਲਗਾਏ ਗਏ ਅਤੇ ਰਾਹਗੀਰਾਂ ਲਈ ਠੰਢੇ ਮਿੱਠੇ ਪਾਣੀ ਦੀ ਛਬੀਲ ਲਗਾਈ ਗਈ। ਸਕੂਲ ਦੇ ਪ੍ਰਿੰਸੀਪਲ ਨੇ ਵਿਦਿਆਰਥੀਆਂ ਨੂੰ ਵਾਤਾਵਰਣ ਦੀ ਸੰਭਾਲ ਬਾਰੇ ਜਾਗਰੂਕ ਕੀਤਾ।
ਇੱਥੇ ਇੱਕ ਪਰਿਵਾਰ ਦੇ ਚਾਰ ਮੈਂਬਰਾਂ ਦੀ ਖਾਣਾ ਖਾਣ ਤੋਂ ਬਾਅਦ ਤਬੀਅਤ ਵਿਗੜ ਗਈ ਅਤੇ ਇੱਕ ਵਿਅਕਤੀ ਦੀ ਮੌਤ ਹੋ ਗਈ। ਪੀੜਤ ਪਰਿਵਾਰ ਨੂੰ ਤੁਰੰਤ ਹਸਪਤਾਲ ਵਿੱਚ ਦਾਖ਼ਲ ਕਰਵਾਇਆ ਗਿਆ ਜਿੱਥੇ ਡਾਕਟਰਾਂ ਨੇ ਇਲਾਜ ਸ਼ੁਰੂ ਕੀਤਾ। ਪੁਲਿਸ ਨੇ ਮਾਮਲੇ ਦੀ ਜਾਂਚ ਸ਼ੁਰੂ ਕਰ ਦਿੱਤੀ ਹੈ ਅਤੇ ਖਾਣੇ ਦੇ ਨਮੂਨੇ ਜਾਂਚ ਲਈ ਭੇਜ ਦਿੱਤੇ ਹਨ। ਪਰਿਵਾਰਕ ਮੈਂਬਰਾਂ ਨੇ ਦੱਸਿਆ ਕਿ ਰਾਤ ਦਾ ਖਾਣਾ ਖਾਣ ਤੋਂ ਕੁਝ ਸਮੇਂ ਬਾਅਦ ਹੀ ਉਲਟੀਆਂ ਅਤੇ ਪੇਟ ਦਰਦ ਸ਼ੁਰੂ ਹੋ ਗਿਆ ਸੀ।
ਪੈਨਸ਼ਨਰਜ ਐਸੋਸੀਏਸ਼ਨ ਪਾਵਰਕਾਮ ਵੱਲੋਂ ਆਪਣੀਆਂ ਹੱਕੀ ਮੰਗਾਂ ਨੂੰ ਲੈ ਕੇ ਰੋਸ ਪ੍ਰਦਰਸ਼ਨ ਕੀਤਾ ਗਿਆ। ਪ੍ਰਦਰਸ਼ਨਕਾਰੀਆਂ ਨੇ ਸਰਕਾਰ ਅਤੇ ਪ੍ਰਬੰਧਨ ਖ਼ਿਲਾਫ਼ ਨਾਅਰੇਬਾਜ਼ੀ ਕੀਤੀ। ਆਗੂਆਂ ਨੇ ਕਿਹਾ ਕਿ ਪੈਨਸ਼ਨਰਾਂ ਦੀਆਂ ਮੰਗਾਂ ਲੰਬੇ ਸਮੇਂ ਤੋਂ ਲਟਕ ਰਹੀਆਂ ਹਨ।
ਸਰਕਾਰ ਤੇ ਪ੍ਰਸ਼ਾਸਨ ਦੇ ਵਾਅਦੇ ਨੂੰ ਲਾਗੂ ਕਰਵਾਉਣ ਲਈ 13 ਤਰੀਕ ਤੋਂ ਡੀਸੀ ਦਫ਼ਤਰ ਅੱਗੇ ਲਾਇਆ ਜਾਵੇਗਾ ਪੱਕਾ ਮੋਰਚਾ - ਆਗੂ
ਬੇਜ਼ਮੀਨਾ ਥਾਣਿਉਂ ਨੂੰ ਲੈ ਕੇ ਵਿੱਚੇ ਪੰਜਾਬ ਦੇ ਜੋਬਕਤੇ ਦਲਤਾਂ ਦੀ ਗੁਰਦਾਸ਼ਾਂ ਕੀਤੀ, ਉੱਥੇ ਹੀ ਪਿੰਡ ਸਾਦੀਪੁਰ ਦੀ ਪੰਚਾਇਤ ਅੰਡਰ ਵੀ ਸ਼ਾਮਲ

ਦੇਰਾਬੱਸੀ, 10 ਜੂਨ (ਹਰਪ੍ਰੀਤ ਸਿੰਘ ਸਾਹੀ)-

ਬੇਜ਼ਮੀਨੇ ਕਿਸਾਨਾਂ ਅਤੇ ਮਜ਼ਦੂਰਾਂ ਦੀਆਂ ਮੰਗਾਂ ਨੂੰ ਲੈ ਕੇ ਆਗੂਆਂ ਨੇ ਐਲਾਨ ਕੀਤਾ ਹੈ ਕਿ 13 ਤਰੀਕ ਤੋਂ ਡੀਸੀ ਦਫ਼ਤਰ ਅੱਗੇ ਪੱਕਾ ਮੋਰਚਾ ਲਾਇਆ ਜਾਵੇਗਾ। ਆਗੂਆਂ ਨੇ ਕਿਹਾ ਕਿ ਸਰਕਾਰ ਅਤੇ ਪ੍ਰਸ਼ਾਸਨ ਵੱਲੋਂ ਕੀਤੇ ਵਾਅਦੇ ਅਜੇ ਤੱਕ ਪੂਰੇ ਨਹੀਂ ਕੀਤੇ ਗਏ। ਉਨ੍ਹਾਂ ਚਿਤਾਵਨੀ ਦਿੱਤੀ ਕਿ ਜੇਕਰ ਮੰਗਾਂ ਨਾ ਮੰਨੀਆਂ ਗਈਆਂ ਤਾਂ ਸੰਘਰਸ਼ ਹੋਰ ਤਿੱਖਾ ਕੀਤਾ ਜਾਵੇਗਾ।

ਬੇਜ਼ਮੀਨੇ ਕਿਸਾਨਾਂ ਅਤੇ ਮਜ਼ਦੂਰਾਂ ਦੀਆਂ ਮੰਗਾਂ ਨੂੰ ਲੈ ਕੇ ਆਗੂਆਂ ਨੇ ਐਲਾਨ ਕੀਤਾ ਹੈ ਕਿ 13 ਤਰੀਕ ਤੋਂ ਡੀਸੀ ਦਫ਼ਤਰ ਅੱਗੇ ਪੱਕਾ ਮੋਰਚਾ ਲਾਇਆ ਜਾਵੇਗਾ। ਆਗੂਆਂ ਨੇ ਕਿਹਾ ਕਿ ਸਰਕਾਰ ਅਤੇ ਪ੍ਰਸ਼ਾਸਨ ਵੱਲੋਂ ਕੀਤੇ ਵਾਅਦੇ ਅਜੇ ਤੱਕ ਪੂਰੇ ਨਹੀਂ ਕੀਤੇ ਗਏ। ਉਨ੍ਹਾਂ ਚਿਤਾਵਨੀ ਦਿੱਤੀ ਕਿ ਜੇਕਰ ਮੰਗਾਂ ਨਾ ਮੰਨੀਆਂ ਗਈਆਂ ਤਾਂ ਸੰਘਰਸ਼ ਹੋਰ ਤਿੱਖਾ ਕੀਤਾ ਜਾਵੇਗਾ।
ਭਾਰਤੀ ਕਿਸਾਨ ਯੂਨੀਅਨ ਲੱਖੋਵਾਲ ਵੱਲੋਂ ਅੱਜ ਇੱਥੇ ਕਿਸਾਨਾਂ ਦੀ ਇੱਕ ਅਹਿਮ ਮੀਟਿੰਗ ਹੋਈ ਜਿਸ ਵਿੱਚ ਸੂਬੇ ਦੀਆਂ ਜ਼ਮੀਨਾਂ ਦੇ ਐਕਵਾਇਰ ਕਰਨ ਦੇ ਮੁੱਦੇ ਉੱਤੇ ਵਿਚਾਰ ਚਰਚਾ ਕੀਤੀ ਗਈ। ਕਿਸਾਨ ਆਗੂਆਂ ਨੇ ਕਿਹਾ ਕਿ ਕਿਸਾਨਾਂ ਦੀ ਸਹਿਮਤੀ ਤੋਂ ਬਿਨਾਂ ਕਿਸੇ ਵੀ ਹਾਲਤ ਵਿੱਚ ਜ਼ਮੀਨ ਐਕਵਾਇਰ ਨਹੀਂ ਹੋਣ ਦਿੱਤੀ ਜਾਵੇਗੀ। ਉਨ੍ਹਾਂ ਕਿਹਾ ਕਿ ਪੰਜਾਬ ਸਰਕਾਰ ਨੂੰ ਚਾਹੀਦਾ ਹੈ ਕਿ ਉਹ ਕਿਸਾਨਾਂ ਦੇ ਹਿੱਤਾਂ ਦੀ ਰਾਖੀ ਕਰੇ ਅਤੇ ਜ਼ਮੀਨ ਦੇ ਮੁਆਵਜ਼ੇ ਦੀ ਰਕਮ ਮਾਰਕੀਟ ਰੇਟ ਅਨੁਸਾਰ ਦਿੱਤੀ ਜਾਵੇ। ਮੀਟਿੰਗ ਦੌਰਾਨ ਪਾਣੀ ਦੇ ਮੁੱਦੇ ਉੱਤੇ ਵੀ ਚਰਚਾ ਹੋਈ ਅਤੇ ਆਗੂਆਂ ਨੇ ਸਪੱਸ਼ਟ ਕੀਤਾ ਕਿ ਪੰਜਾਬ ਕੋਲ ਦੂਜੇ ਸੂਬਿਆਂ ਨੂੰ ਦੇਣ ਲਈ ਇੱਕ ਵੀ ਬੂੰਦ ਵਾਧੂ ਪਾਣੀ ਨਹੀਂ ਹੈ। ਇਸ ਮੌਕੇ ਵੱਡੀ ਗਿਣਤੀ ਵਿੱਚ ਕਿਸਾਨ ਹਾਜ਼ਰ ਸਨ ਜਿਨ੍ਹਾਂ ਨੇ ਸੰਘਰਸ਼ ਜਾਰੀ ਰੱਖਣ ਦਾ ਅਹਿਦ ਲਿਆ। ਆਗੂਆਂ ਨੇ ਕਿਹਾ ਕਿ ਆਉਣ ਵਾਲੇ ਦਿਨਾਂ ਵਿੱਚ ਵੱਡੇ ਪੱਧਰ ਉੱਤੇ ਰੋਸ ਪ੍ਰਦਰਸ਼ਨ ਕੀਤੇ ਜਾਣਗੇ। ਜਥੇਬੰਦੀ ਦੇ ਆਗੂਆਂ ਨੇ ਸਰਕਾਰ ਨੂੰ ਚਿਤਾਵਨੀ ਦਿੱਤੀ ਕਿ ਜੇਕਰ ਮੰਗਾਂ ਨਾ ਮੰਨੀਆਂ ਗਈਆਂ ਤਾਂ ਸੰਘਰਸ਼ ਹੋਰ ਤੇਜ਼ ਕੀਤਾ ਜਾਵੇਗਾ।
ਡੇਰਾਬੱਸੀ ਮੁਸਲਿਮ ਵੈਲਫੇਅਰ ਕਮੇਟੀ ਦੇ ਨੁਮਾਇੰਦਿਆਂ ਨੇ ਪ੍ਰਸ਼ਾਸਨ ਕੋਲ ਕਮਿਊਨਿਟੀ ਸੈਂਟਰ ਅਤੇ ਕਬਰਸਤਾਨ ਲਈ ਜ਼ਮੀਨ ਦੇਣ ਦੀ ਮੰਗ ਕੀਤੀ ਹੈ। ਕਮੇਟੀ ਮੈਂਬਰਾਂ ਨੇ ਕਿਹਾ ਕਿ ਭਾਈਚਾਰੇ ਨੂੰ ਲੰਬੇ ਸਮੇਂ ਤੋਂ ਇਸ ਸਮੱਸਿਆ ਦਾ ਸਾਹਮਣਾ ਕਰਨਾ ਪੈ ਰਿਹਾ ਹੈ। ਉਨ੍ਹਾਂ ਮੰਗ ਕੀਤੀ ਕਿ ਜਲਦ ਤੋਂ ਜਲਦ ਇਸ ਮਸਲੇ ਦਾ ਹੱਲ ਕੀਤਾ ਜਾਵੇ।
ਕੈਬਨਿਟ ਮੰਤਰੀ ਨੇ ਦੁਕਾਨਦਾਰਾਂ ਨਾਲ ਮੀਟਿੰਗ ਕਰਕੇ ਉਨ੍ਹਾਂ ਦੀਆਂ ਸਮੱਸਿਆਵਾਂ ਸੁਣੀਆਂ ਅਤੇ ਸ਼ਹਿਰ ਵਾਸੀਆਂ ਦੀ ਸੁਰੱਖਿਆ ਦਾ ਭਰੋਸਾ ਦਿੱਤਾ। ਉਨ੍ਹਾਂ ਕਿਹਾ ਕਿ ਸ਼ਹਿਰ ਵਿੱਚ ਸੀਸੀਟੀਵੀ ਕੈਮਰੇ ਲਗਾਏ ਜਾਣਗੇ ਅਤੇ ਪੁਲਿਸ ਗਸ਼ਤ ਵਧਾਈ ਜਾਵੇਗੀ। ਦੁਕਾਨਦਾਰਾਂ ਨੇ ਮੰਤਰੀ ਦਾ ਧੰਨਵਾਦ ਕੀਤਾ। ਮੀਟਿੰਗ ਵਿੱਚ ਵੱਡੀ ਗਿਣਤੀ ਵਿੱਚ ਵਪਾਰੀ ਹਾਜ਼ਰ ਸਨ।
ਆਲ ਇੰਡੀਆ ਅਰੋੜਾ ਮਹਾਂਸਭਾ ਦੇ ਸਰਪ੍ਰਸਤ ਸ੍ਰੀ ਅਰੁਣ ਚੁਗ ਨੂੰ ਵਿਸ਼ੇਸ਼ ਸਮਾਗਮ ਦੌਰਾਨ ਸਨਮਾਨਿਤ ਕੀਤਾ ਗਿਆ। ਇਸ ਮੌਕੇ ਸਮਾਜ ਸੇਵੀ ਸੰਸਥਾਵਾਂ ਦੇ ਨੁਮਾਇੰਦੇ ਵੱਡੀ ਗਿਣਤੀ ਵਿੱਚ ਹਾਜ਼ਰ ਸਨ। ਬੁਲਾਰਿਆਂ ਨੇ ਉਨ੍ਹਾਂ ਦੀਆਂ ਸਮਾਜ ਸੇਵਾ ਦੀਆਂ ਸੇਵਾਵਾਂ ਦੀ ਸ਼ਲਾਘਾ ਕੀਤੀ।
ਇਲਾਕੇ ਵਿੱਚ ਬਿਜਲੀ ਦੇ ਲੰਮੇ ਕੱਟਾਂ ਕਾਰਨ ਲੋਕ ਬੁਰੀ ਤਰ੍ਹਾਂ ਪਰੇਸ਼ਾਨ ਹਨ। ਤਾਪਮਾਨ 45 ਡਿਗਰੀ ਤੋਂ ਪਾਰ ਜਾਣ ਕਾਰਨ ਲੋਕਾਂ ਦਾ ਜਿਊਣਾ ਮੁਹਾਲ ਹੋ ਗਿਆ ਹੈ। ਪਿੰਡ ਵਾਸੀਆਂ ਨੇ ਪਾਵਰਕਾਮ ਅਧਿਕਾਰੀਆਂ ਖ਼ਿਲਾਫ਼ ਰੋਸ ਪ੍ਰਗਟਾਇਆ ਅਤੇ ਮੰਗ ਕੀਤੀ ਕਿ ਬਿਜਲੀ ਸਪਲਾਈ ਨਿਰਵਿਘਨ ਕੀਤੀ ਜਾਵੇ।
ਪੈਨਸ਼ਨਰਜ ਐਸੋਸੀਏਸ਼ਨ ਪਾਵਰਕਾਮ ਵੱਲੋਂ ਆਪਣੀਆਂ ਹੱਕੀ ਮੰਗਾਂ ਨੂੰ ਲੈ ਕੇ ਰੋਸ ਪ੍ਰਦਰਸ਼ਨ ਕੀਤਾ ਗਿਆ। ਪ੍ਰਦਰਸ਼ਨਕਾਰੀਆਂ ਨੇ ਸਰਕਾਰ ਅਤੇ ਪ੍ਰਬੰਧਨ ਖ਼ਿਲਾਫ਼ ਨਾਅਰੇਬਾਜ਼ੀ ਕੀਤੀ। ਆਗੂਆਂ ਨੇ ਕਿਹਾ ਕਿ ਪੈਨਸ਼ਨਰਾਂ ਦੀਆਂ ਮੰਗਾਂ ਲੰਬੇ ਸਮੇਂ ਤੋਂ ਲਟਕ ਰਹੀਆਂ ਹਨ।
ਮੋਰਚੇ ਦਾ ਐਲਾਨ ਕਰਦੇ ਹੋਏ ਆਗੂ।
ਦੁਕਾਨਦਾਰਾਂ ਨਾਲ ਮੀਟਿੰਗ ਤੋਂ ਬਾਅਦ ਕੈਬਨਿਟ ਮੰਤਰੀ ਸ੍ਰ ਈ.ਟੀ.ਓ ਨੇ ਸ਼ਹਿਰ ਵਾਸੀਆਂ ਦੀ ਸੁਰੱਖਿਆ ਦਾਂ ਦਿੱਤਾ ਭਰੋਸਾ

ਆਮ ਸਾਰੇ ਬ੍ਰਹਮਾਨੰਦ ਕੋਲਜ਼ੀ

ਕੈਬਨਿਟ ਮੰਤਰੀ ਨੇ ਦੁਕਾਨਦਾਰਾਂ ਨਾਲ ਮੀਟਿੰਗ ਕਰਕੇ ਉਨ੍ਹਾਂ ਦੀਆਂ ਸਮੱਸਿਆਵਾਂ ਸੁਣੀਆਂ ਅਤੇ ਸ਼ਹਿਰ ਵਾਸੀਆਂ ਦੀ ਸੁਰੱਖਿਆ ਦਾ ਭਰੋਸਾ ਦਿੱਤਾ। ਉਨ੍ਹਾਂ ਕਿਹਾ ਕਿ ਸ਼ਹਿਰ ਵਿੱਚ ਸੀਸੀਟੀਵੀ ਕੈਮਰੇ ਲਗਾਏ ਜਾਣਗੇ ਅਤੇ ਪੁਲਿਸ ਗਸ਼ਤ ਵਧਾਈ ਜਾਵੇਗੀ। ਦੁਕਾਨਦਾਰਾਂ ਨੇ ਮੰਤਰੀ ਦਾ ਧੰਨਵਾਦ ਕੀਤਾ। ਮੀਟਿੰਗ ਵਿੱਚ ਵੱਡੀ ਗਿਣਤੀ ਵਿੱਚ ਵਪਾਰੀ ਹਾਜ਼ਰ ਸਨ।

ਕੈਬਨਿਟ ਮੰਤਰੀ ਨੇ ਦੁਕਾਨਦਾਰਾਂ ਨਾਲ ਮੀਟਿੰਗ ਕਰਕੇ ਉਨ੍ਹਾਂ ਦੀਆਂ ਸਮੱਸਿਆਵਾਂ ਸੁਣੀਆਂ ਅਤੇ ਸ਼ਹਿਰ ਵਾਸੀਆਂ ਦੀ ਸੁਰੱਖਿਆ ਦਾ ਭਰੋਸਾ ਦਿੱਤਾ। ਉਨ੍ਹਾਂ ਕਿਹਾ ਕਿ ਸ਼ਹਿਰ ਵਿੱਚ ਸੀਸੀਟੀਵੀ ਕੈਮਰੇ ਲਗਾਏ ਜਾਣਗੇ ਅਤੇ ਪੁਲਿਸ ਗਸ਼ਤ ਵਧਾਈ ਜਾਵੇਗੀ। ਦੁਕਾਨਦਾਰਾਂ ਨੇ ਮੰਤਰੀ ਦਾ ਧੰਨਵਾਦ ਕੀਤਾ। ਮੀਟਿੰਗ ਵਿੱਚ ਵੱਡੀ ਗਿਣਤੀ ਵਿੱਚ ਵਪਾਰੀ ਹਾਜ਼ਰ ਸਨ।	ਮੀਟਿੰਗ ਦੌਰਾਨ ਕੈਬਨਿਟ ਮੰਤਰੀ ਤੇ ਅਧਿਕਾਰੀ।
ਪ੍ਰੈੱਸ ਨੂੰ ਸੰਬੋਧਨ ਕਰਦੇ ਹੋਏ ਮੰਤਰੀ।
ਕੈਬਨਿਟ ਮੰਤਰੀ ਨੇ ਦੁਕਾਨਦਾਰਾਂ ਨਾਲ ਮੀਟਿੰਗ ਕਰਕੇ ਉਨ੍ਹਾਂ ਦੀਆਂ ਸਮੱਸਿਆਵਾਂ ਸੁਣੀਆਂ ਅਤੇ ਸ਼ਹਿਰ ਵਾਸੀਆਂ ਦੀ ਸੁਰੱਖਿਆ ਦਾ ਭਰੋਸਾ ਦਿੱਤਾ। ਉਨ੍ਹਾਂ ਕਿਹਾ ਕਿ ਸ਼ਹਿਰ ਵਿੱਚ ਸੀਸੀਟੀਵੀ ਕੈਮਰੇ ਲਗਾਏ ਜਾਣਗੇ ਅਤੇ ਪੁਲਿਸ ਗਸ਼ਤ ਵਧਾਈ ਜਾਵੇਗੀ। ਦੁਕਾਨਦਾਰਾਂ ਨੇ ਮੰਤਰੀ ਦਾ ਧੰਨਵਾਦ ਕੀਤਾ। ਮੀਟਿੰਗ ਵਿੱਚ ਵੱਡੀ ਗਿਣਤੀ ਵਿੱਚ ਵਪਾਰੀ ਹਾਜ਼ਰ ਸਨ।
ਆਲ ਇੰਡੀਆ ਅਰੋੜਾ ਮਹਾਂਸਭਾ ਦੇ ਸਰਪ੍ਰਸਤ ਸ੍ਰੀ ਅਰੁਣ ਚੁਗ ਨੂੰ ਵਿਸ਼ੇਸ਼ ਸਮਾਗਮ ਦੌਰਾਨ ਸਨਮਾਨਿਤ ਕੀਤਾ ਗਿਆ। ਇਸ ਮੌਕੇ ਸਮਾਜ ਸੇਵੀ ਸੰਸਥਾਵਾਂ ਦੇ ਨੁਮਾਇੰਦੇ ਵੱਡੀ ਗਿਣਤੀ ਵਿੱਚ ਹਾਜ਼ਰ ਸਨ। ਬੁਲਾਰਿਆਂ ਨੇ ਉਨ੍ਹਾਂ ਦੀਆਂ ਸਮਾਜ ਸੇਵਾ ਦੀਆਂ ਸੇਵਾਵਾਂ ਦੀ ਸ਼ਲਾਘਾ ਕੀਤੀ।
ਆਲ ਇੰਡੀਆ ਅਰੋੜਾ ਮਹਾਂਸਭਾ ਦੇ ਸਰਪ੍ਰਸਤ ਸ੍ਰੀ ਅਰੁਣ ਚੁਗ ਨੂੰ ਸਨਮਾਨਿਤ ਕੀਤਾ ਗਿਆ
ਸਨਮਾਨਿਤ ਕਰਦੇ ਹੋਏ ਮਹਾਂਸਭਾ ਦੇ ਅਹੁਦੇਦਾਰ।

ਸੰਗਰੂਰ 10 ਜੂਨ (ਹਰਜੀਤ ਸਿੰਘ)-

ਆਲ ਇੰਡੀਆ ਅਰੋੜਾ ਮਹਾਂਸਭਾ ਦੇ ਸਰਪ੍ਰਸਤ ਸ੍ਰੀ ਅਰੁਣ ਚੁਗ ਨੂੰ ਵਿਸ਼ੇਸ਼ ਸਮਾਗਮ ਦੌਰਾਨ ਸਨਮਾਨਿਤ ਕੀਤਾ ਗਿਆ। ਇਸ ਮੌਕੇ ਸਮਾਜ ਸੇਵੀ ਸੰਸਥਾਵਾਂ ਦੇ ਨੁਮਾਇੰਦੇ ਵੱਡੀ ਗਿਣਤੀ ਵਿੱਚ ਹਾਜ਼ਰ ਸਨ। ਬੁਲਾਰਿਆਂ ਨੇ ਉਨ੍ਹਾਂ ਦੀਆਂ ਸਮਾਜ ਸੇਵਾ ਦੀਆਂ ਸੇਵਾਵਾਂ ਦੀ ਸ਼ਲਾਘਾ ਕੀਤੀ।

ਆਲ ਇੰਡੀਆ ਅਰੋੜਾ ਮਹਾਂਸਭਾ ਦੇ ਸਰਪ੍ਰਸਤ ਸ੍ਰੀ ਅਰੁਣ ਚੁਗ ਨੂੰ ਵਿਸ਼ੇਸ਼ ਸਮਾਗਮ ਦੌਰਾਨ ਸਨਮਾਨਿਤ ਕੀਤਾ ਗਿਆ। ਇਸ ਮੌਕੇ ਸਮਾਜ ਸੇਵੀ ਸੰਸਥਾਵਾਂ ਦੇ ਨੁਮਾਇੰਦੇ ਵੱਡੀ ਗਿਣਤੀ ਵਿੱਚ ਹਾਜ਼ਰ ਸਨ। ਬੁਲਾਰਿਆਂ ਨੇ ਉਨ੍ਹਾਂ ਦੀਆਂ ਸਮਾਜ ਸੇਵਾ ਦੀਆਂ ਸੇਵਾਵਾਂ ਦੀ ਸ਼ਲਾਘਾ ਕੀਤੀ।
ਭਾਰਤੀ ਕਿਸਾਨ ਯੂਨੀਅਨ ਲੱਖੋਵਾਲ ਵੱਲੋਂ ਅੱਜ ਇੱਥੇ ਕਿਸਾਨਾਂ ਦੀ ਇੱਕ ਅਹਿਮ ਮੀਟਿੰਗ ਹੋਈ ਜਿਸ ਵਿੱਚ ਸੂਬੇ ਦੀਆਂ ਜ਼ਮੀਨਾਂ ਦੇ ਐਕਵਾਇਰ ਕਰਨ ਦੇ ਮੁੱਦੇ ਉੱਤੇ ਵਿਚਾਰ ਚਰਚਾ ਕੀਤੀ ਗਈ। ਕਿਸਾਨ ਆਗੂਆਂ ਨੇ ਕਿਹਾ ਕਿ ਕਿਸਾਨਾਂ ਦੀ ਸਹਿਮਤੀ ਤੋਂ ਬਿਨਾਂ ਕਿਸੇ ਵੀ ਹਾਲਤ ਵਿੱਚ ਜ਼ਮੀਨ ਐਕਵਾਇਰ ਨਹੀਂ ਹੋਣ ਦਿੱਤੀ ਜਾਵੇਗੀ। ਉਨ੍ਹਾਂ ਕਿਹਾ ਕਿ ਪੰਜਾਬ ਸਰਕਾਰ ਨੂੰ ਚਾਹੀਦਾ ਹੈ ਕਿ ਉਹ ਕਿਸਾਨਾਂ ਦੇ ਹਿੱਤਾਂ ਦੀ ਰਾਖੀ ਕਰੇ ਅਤੇ ਜ਼ਮੀਨ ਦੇ ਮੁਆਵਜ਼ੇ ਦੀ ਰਕਮ ਮਾਰਕੀਟ ਰੇਟ ਅਨੁਸਾਰ ਦਿੱਤੀ ਜਾਵੇ। ਮੀਟਿੰਗ ਦੌਰਾਨ ਪਾਣੀ ਦੇ ਮੁੱਦੇ ਉੱਤੇ ਵੀ ਚਰਚਾ ਹੋਈ ਅਤੇ ਆਗੂਆਂ ਨੇ ਸਪੱਸ਼ਟ ਕੀਤਾ ਕਿ ਪੰਜਾਬ ਕੋਲ ਦੂਜੇ ਸੂਬਿਆਂ ਨੂੰ ਦੇਣ ਲਈ ਇੱਕ ਵੀ ਬੂੰਦ ਵਾਧੂ ਪਾਣੀ ਨਹੀਂ ਹੈ। ਇਸ ਮੌਕੇ ਵੱਡੀ ਗਿਣਤੀ ਵਿੱਚ ਕਿਸਾਨ ਹਾਜ਼ਰ ਸਨ ਜਿਨ੍ਹਾਂ ਨੇ ਸੰਘਰਸ਼ ਜਾਰੀ ਰੱਖਣ ਦਾ ਅਹਿਦ ਲਿਆ। ਆਗੂਆਂ ਨੇ ਕਿਹਾ ਕਿ ਆਉਣ ਵਾਲੇ ਦਿਨਾਂ ਵਿੱਚ ਵੱਡੇ ਪੱਧਰ ਉੱਤੇ ਰੋਸ ਪ੍ਰਦਰਸ਼ਨ ਕੀਤੇ ਜਾਣਗੇ। ਜਥੇਬੰਦੀ ਦੇ ਆਗੂਆਂ ਨੇ ਸਰਕਾਰ ਨੂੰ ਚਿਤਾਵਨੀ ਦਿੱਤੀ ਕਿ ਜੇਕਰ ਮੰਗਾਂ ਨਾ ਮੰਨੀਆਂ ਗਈਆਂ ਤਾਂ ਸੰਘਰਸ਼ ਹੋਰ ਤੇਜ਼ ਕੀਤਾ ਜਾਵੇਗਾ।
ਇਲਾਕੇ ਵਿੱਚ ਬਿਜਲੀ ਦੇ ਲੰਮੇ ਕੱਟਾਂ ਕਾਰਨ ਲੋਕ ਬੁਰੀ ਤਰ੍ਹਾਂ ਪਰੇਸ਼ਾਨ ਹਨ। ਤਾਪਮਾਨ 45 ਡਿਗਰੀ ਤੋਂ ਪਾਰ ਜਾਣ ਕਾਰਨ ਲੋਕਾਂ ਦਾ ਜਿਊਣਾ ਮੁਹਾਲ ਹੋ ਗਿਆ ਹੈ। ਪਿੰਡ ਵਾਸੀਆਂ ਨੇ ਪਾਵਰਕਾਮ ਅਧਿਕਾਰੀਆਂ ਖ਼ਿਲਾਫ਼ ਰੋਸ ਪ੍ਰਗਟਾਇਆ ਅਤੇ ਮੰਗ ਕੀਤੀ ਕਿ ਬਿਜਲੀ ਸਪਲਾਈ ਨਿਰਵਿਘਨ ਕੀਤੀ ਜਾਵੇ।
ਬਿਜਲੀ ਦੇ ਲੰਮੇ ਲੰਮੇ ਕੱਟਾਂ ਨਾਲ ਲੋਕ ਢਾਹੇ ਪਰੇਸ਼ਾਨ
ਤਾਪਮਾਨ 45 ਡਿਗਰੀ ਪਾਰ : ਦੌਲਤਪੁਰਾ, ਡਰੋਲੀ
ਰੋਸ ਪ੍ਰਦਰਸ਼ਨ ਦੌਰਾਨ ਪੈਨਸ਼ਨਰ।

ਜਲੰਧਰ 10 ਜੂਨ (ਸੁਖਜੀਤ ਸਿੰਘ ਧਾਲੀ)-

ਇਲਾਕੇ ਵਿੱਚ ਬਿਜਲੀ ਦੇ ਲੰਮੇ ਕੱਟਾਂ ਕਾਰਨ ਲੋਕ ਬੁਰੀ ਤਰ੍ਹਾਂ ਪਰੇਸ਼ਾਨ ਹਨ। ਤਾਪਮਾਨ 45 ਡਿਗਰੀ ਤੋਂ ਪਾਰ ਜਾਣ ਕਾਰਨ ਲੋਕਾਂ ਦਾ ਜਿਊਣਾ ਮੁਹਾਲ ਹੋ ਗਿਆ ਹੈ। ਪਿੰਡ ਵਾਸੀਆਂ ਨੇ ਪਾਵਰਕਾਮ ਅਧਿਕਾਰੀਆਂ ਖ਼ਿਲਾਫ਼ ਰੋਸ ਪ੍ਰਗਟਾਇਆ ਅਤੇ ਮੰਗ ਕੀਤੀ ਕਿ ਬਿਜਲੀ ਸਪਲਾਈ ਨਿਰਵਿਘਨ ਕੀਤੀ ਜਾਵੇ।

ਇਲਾਕੇ ਵਿੱਚ ਬਿਜਲੀ ਦੇ ਲੰਮੇ ਕੱਟਾਂ ਕਾਰਨ ਲੋਕ ਬੁਰੀ ਤਰ੍ਹਾਂ ਪਰੇਸ਼ਾਨ ਹਨ। ਤਾਪਮਾਨ 45 ਡਿਗਰੀ ਤੋਂ ਪਾਰ ਜਾਣ ਕਾਰਨ ਲੋਕਾਂ ਦਾ ਜਿਊਣਾ ਮੁਹਾਲ ਹੋ ਗਿਆ ਹੈ। ਪਿੰਡ ਵਾਸੀਆਂ ਨੇ ਪਾਵਰਕਾਮ ਅਧਿਕਾਰੀਆਂ ਖ਼ਿਲਾਫ਼ ਰੋਸ ਪ੍ਰਗਟਾਇਆ ਅਤੇ ਮੰਗ ਕੀਤੀ ਕਿ ਬਿਜਲੀ ਸਪਲਾਈ ਨਿਰਵਿਘਨ ਕੀਤੀ ਜਾਵੇ।
ਪੈਨਸ਼ਨਰਜ ਐਸੋਸੀਏਸ਼ਨ ਪਾਵਰਕਾਮ ਵੱਲੋਂ ਆਪਣੀਆਂ ਹੱਕੀ ਮੰਗਾਂ ਨੂੰ ਲੈ ਕੇ ਰੋਸ ਪ੍ਰਦਰਸ਼ਨ ਕੀਤਾ ਗਿਆ। ਪ੍ਰਦਰਸ਼ਨਕਾਰੀਆਂ ਨੇ ਸਰਕਾਰ ਅਤੇ ਪ੍ਰਬੰਧਨ ਖ਼ਿਲਾਫ਼ ਨਾਅਰੇਬਾਜ਼ੀ ਕੀਤੀ। ਆਗੂਆਂ ਨੇ ਕਿਹਾ ਕਿ ਪੈਨਸ਼ਨਰਾਂ ਦੀਆਂ ਮੰਗਾਂ ਲੰਬੇ ਸਮੇਂ ਤੋਂ ਲਟਕ ਰਹੀਆਂ ਹਨ।
ਕੈਬਨਿਟ ਮੰਤਰੀ ਨੇ ਦੁਕਾਨਦਾਰਾਂ ਨਾਲ ਮੀਟਿੰਗ ਕਰਕੇ ਉਨ੍ਹਾਂ ਦੀਆਂ ਸਮੱਸਿਆਵਾਂ ਸੁਣੀਆਂ ਅਤੇ ਸ਼ਹਿਰ ਵਾਸੀਆਂ ਦੀ ਸੁਰੱਖਿਆ ਦਾ ਭਰੋਸਾ ਦਿੱਤਾ। ਉਨ੍ਹਾਂ ਕਿਹਾ ਕਿ ਸ਼ਹਿਰ ਵਿੱਚ ਸੀਸੀਟੀਵੀ ਕੈਮਰੇ ਲਗਾਏ ਜਾਣਗੇ ਅਤੇ ਪੁਲਿਸ ਗਸ਼ਤ ਵਧਾਈ ਜਾਵੇਗੀ। ਦੁਕਾਨਦਾਰਾਂ ਨੇ ਮੰਤਰੀ ਦਾ ਧੰਨਵਾਦ ਕੀਤਾ। ਮੀਟਿੰਗ ਵਿੱਚ ਵੱਡੀ ਗਿਣਤੀ ਵਿੱਚ ਵਪਾਰੀ ਹਾਜ਼ਰ ਸਨ।
ਪੈਨਸ਼ਨਰਜ ਐਸੋਸੀਏਸ਼ਨ ਪਾਵਰਕਾਮ ਵੱਲੋਂ ਰੋਸ ਪ੍ਰਦਰਸ਼ਨ

ਮੋਗਾ 10 ਜੂਨ (ਜਸਬੀਰ ਸਿੰਘ ਸਿੱਧੂ)-

ਪੈਨਸ਼ਨਰਜ ਐਸੋਸੀਏਸ਼ਨ ਪਾਵਰਕਾਮ ਵੱਲੋਂ ਆਪਣੀਆਂ ਹੱਕੀ ਮੰਗਾਂ ਨੂੰ ਲੈ ਕੇ ਰੋਸ ਪ੍ਰਦਰਸ਼ਨ ਕੀਤਾ ਗਿਆ। ਪ੍ਰਦਰਸ਼ਨਕਾਰੀਆਂ ਨੇ ਸਰਕਾਰ ਅਤੇ ਪ੍ਰਬੰਧਨ ਖ਼ਿਲਾਫ਼ ਨਾਅਰੇਬਾਜ਼ੀ ਕੀਤੀ। ਆਗੂਆਂ ਨੇ ਕਿਹਾ ਕਿ ਪੈਨਸ਼ਨਰਾਂ ਦੀਆਂ ਮੰਗਾਂ ਲੰਬੇ ਸਮੇਂ ਤੋਂ ਲਟਕ ਰਹੀਆਂ ਹਨ।

ਰੋਸ ਪ੍ਰਦਰਸ਼ਨ ਦੌਰਾਨ ਪੈਨਸ਼ਨਰ।
ਪੈਨਸ਼ਨਰਜ ਐਸੋਸੀਏਸ਼ਨ ਪਾਵਰਕਾਮ ਵੱਲੋਂ ਆਪਣੀਆਂ ਹੱਕੀ ਮੰਗਾਂ ਨੂੰ ਲੈ ਕੇ ਰੋਸ ਪ੍ਰਦਰਸ਼ਨ ਕੀਤਾ ਗਿਆ। ਪ੍ਰਦਰਸ਼ਨਕਾਰੀਆਂ ਨੇ ਸਰਕਾਰ ਅਤੇ ਪ੍ਰਬੰਧਨ ਖ਼ਿਲਾਫ਼ ਨਾਅਰੇਬਾਜ਼ੀ ਕੀਤੀ। ਆਗੂਆਂ ਨੇ ਕਿਹਾ ਕਿ ਪੈਨਸ਼ਨਰਾਂ ਦੀਆਂ ਮੰਗਾਂ ਲੰਬੇ ਸਮੇਂ ਤੋਂ ਲਟਕ ਰਹੀਆਂ ਹਨ।
ਇਲਾਕੇ ਵਿੱਚ ਬਿਜਲੀ ਦੇ ਲੰਮੇ ਕੱਟਾਂ ਕਾਰਨ ਲੋਕ ਬੁਰੀ ਤਰ੍ਹਾਂ ਪਰੇਸ਼ਾਨ ਹਨ। ਤਾਪਮਾਨ 45 ਡਿਗਰੀ ਤੋਂ ਪਾਰ ਜਾਣ ਕਾਰਨ ਲੋਕਾਂ ਦਾ ਜਿਊਣਾ ਮੁਹਾਲ ਹੋ ਗਿਆ ਹੈ। ਪਿੰਡ ਵਾਸੀਆਂ ਨੇ ਪਾਵਰਕਾਮ ਅਧਿਕਾਰੀਆਂ ਖ਼ਿਲਾਫ਼ ਰੋਸ ਪ੍ਰਗਟਾਇਆ ਅਤੇ ਮੰਗ ਕੀਤੀ ਕਿ ਬਿਜਲੀ ਸਪਲਾਈ ਨਿਰਵਿਘਨ ਕੀਤੀ ਜਾਵੇ।
